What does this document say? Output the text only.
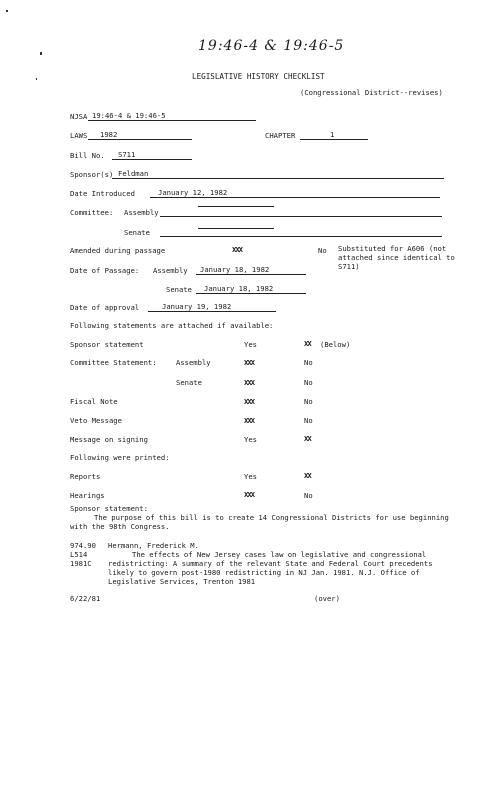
19:46-4 & 19:46-5
LEGISLATIVE HISTORY CHECKLIST
(Congressional District--revises)
NJSA 19:46-4 & 19:46-5
LAWS 1982	CHAPTER	1
Bill No. S711
Sponsor(s) Feldman
Date Introduced	January 12, 1982
Committee: Assembly
Senate
Amended during passage	XXX	No Substituted for A606 (not attached since identical to S711)
Date of Passage: Assembly January 18, 1982
Senate January 18, 1982
Date of approval	January 19, 1982
Following statements are attached if available:
Sponsor statement	Yes	XX (Below)
Committee Statement:	Assembly	XXX	No
Senate	XXX	No
Fiscal Note	XXX	No
Veto Message	XXX	No
Message on signing	Yes	XX
Following were printed:
Reports	Yes	XX
Hearings	XXX	No
Sponsor statement:
The purpose of this bill is to create 14 Congressional Districts for use beginning with the 98th Congress.
974.90
L514
1981C
Hermann, Frederick M.
The effects of New Jersey cases law on legislative and congressional redistricting: A summary of the relevant State and Federal Court precedents likely to govern post-1980 redistricting in NJ Jan. 1981. N.J. Office of Legislative Services, Trenton 1981
6/22/81	(over)
